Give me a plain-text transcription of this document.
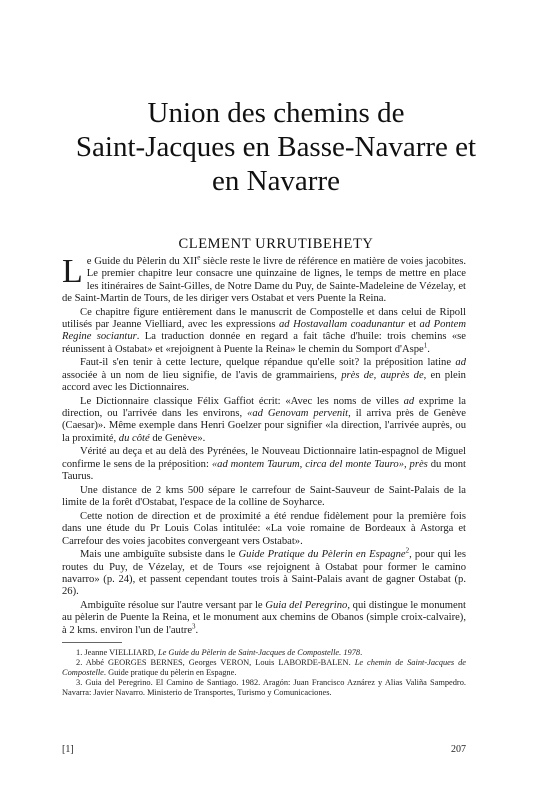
Union des chemins de
Saint-Jacques en Basse-Navarre et
en Navarre
CLEMENT URRUTIBEHETY

Le Guide du Pèlerin du XIIe siècle reste le livre de référence en matière de voies jacobites. Le premier chapitre leur consacre une quinzaine de lignes, le temps de mettre en place les itinéraires de Saint-Gilles, de Notre Dame du Puy, de Sainte-Madeleine de Vézelay, et de Saint-Martin de Tours, de les diriger vers Ostabat et vers Puente la Reina.

Ce chapitre figure entièrement dans le manuscrit de Compostelle et dans celui de Ripoll utilisés par Jeanne Vielliard, avec les expressions ad Hostavallam coadunantur et ad Pontem Regine sociantur. La traduction donnée en regard a fait tâche d'huile: trois chemins «se réunissent à Ostabat» et «rejoignent à Puente la Reina» le chemin du Somport d'Aspe$^1$.

Faut-il s'en tenir à cette lecture, quelque répandue qu'elle soit? la préposition latine ad associée à un nom de lieu signifie, de l'avis de grammairiens, près de, auprès de, en plein accord avec les Dictionnaires.

Le Dictionnaire classique Félix Gaffiot écrit: «Avec les noms de villes ad exprime la direction, ou l'arrivée dans les environs, «ad Genovam pervenit, il arriva près de Genève (Caesar)». Même exemple dans Henri Goelzer pour signifier «la direction, l'arrivée auprès, ou la proximité, du côté de Genève».

Vérité au deça et au delà des Pyrénées, le Nouveau Dictionnaire latin-espagnol de Miguel confirme le sens de la préposition: «ad montem Taurum, circa del monte Tauro», près du mont Taurus.

Une distance de 2 kms 500 sépare le carrefour de Saint-Sauveur de Saint-Palais de la limite de la forêt d'Ostabat, l'espace de la colline de Soyharce.

Cette notion de direction et de proximité a été rendue fidèlement pour la première fois dans une étude du Pr Louis Colas intitulée: «La voie romaine de Bordeaux à Astorga et Carrefour des voies jacobites convergeant vers Ostabat».

Mais une ambiguïte subsiste dans le Guide Pratique du Pèlerin en Espagne$^2$, pour qui les routes du Puy, de Vézelay, et de Tours «se rejoignent à Ostabat pour former le camino navarro» (p. 24), et passent cependant toutes trois à Saint-Palais avant de gagner Ostabat (p. 26).

Ambiguïte résolue sur l'autre versant par le Guia del Peregrino, qui distingue le monument au pèlerin de Puente la Reina, et le monument aux chemins de Obanos (simple croix-calvaire), à 2 kms. environ l'un de l'autre$^3$.

1. Jeanne VIELLIARD, Le Guide du Pèlerin de Saint-Jacques de Compostelle. 1978.

2. Abbé GEORGES BERNES, Georges VERON, Louis LABORDE-BALEN. Le chemin de Saint-Jacques de Compostelle. Guide pratique du pèlerin en Espagne.

3. Guia del Peregrino. El Camino de Santiago. 1982. Aragón: Juan Francisco Aznárez y Alias Valiña Sampedro. Navarra: Javier Navarro. Ministerio de Transportes, Turismo y Comunicaciones.

[1]	207
